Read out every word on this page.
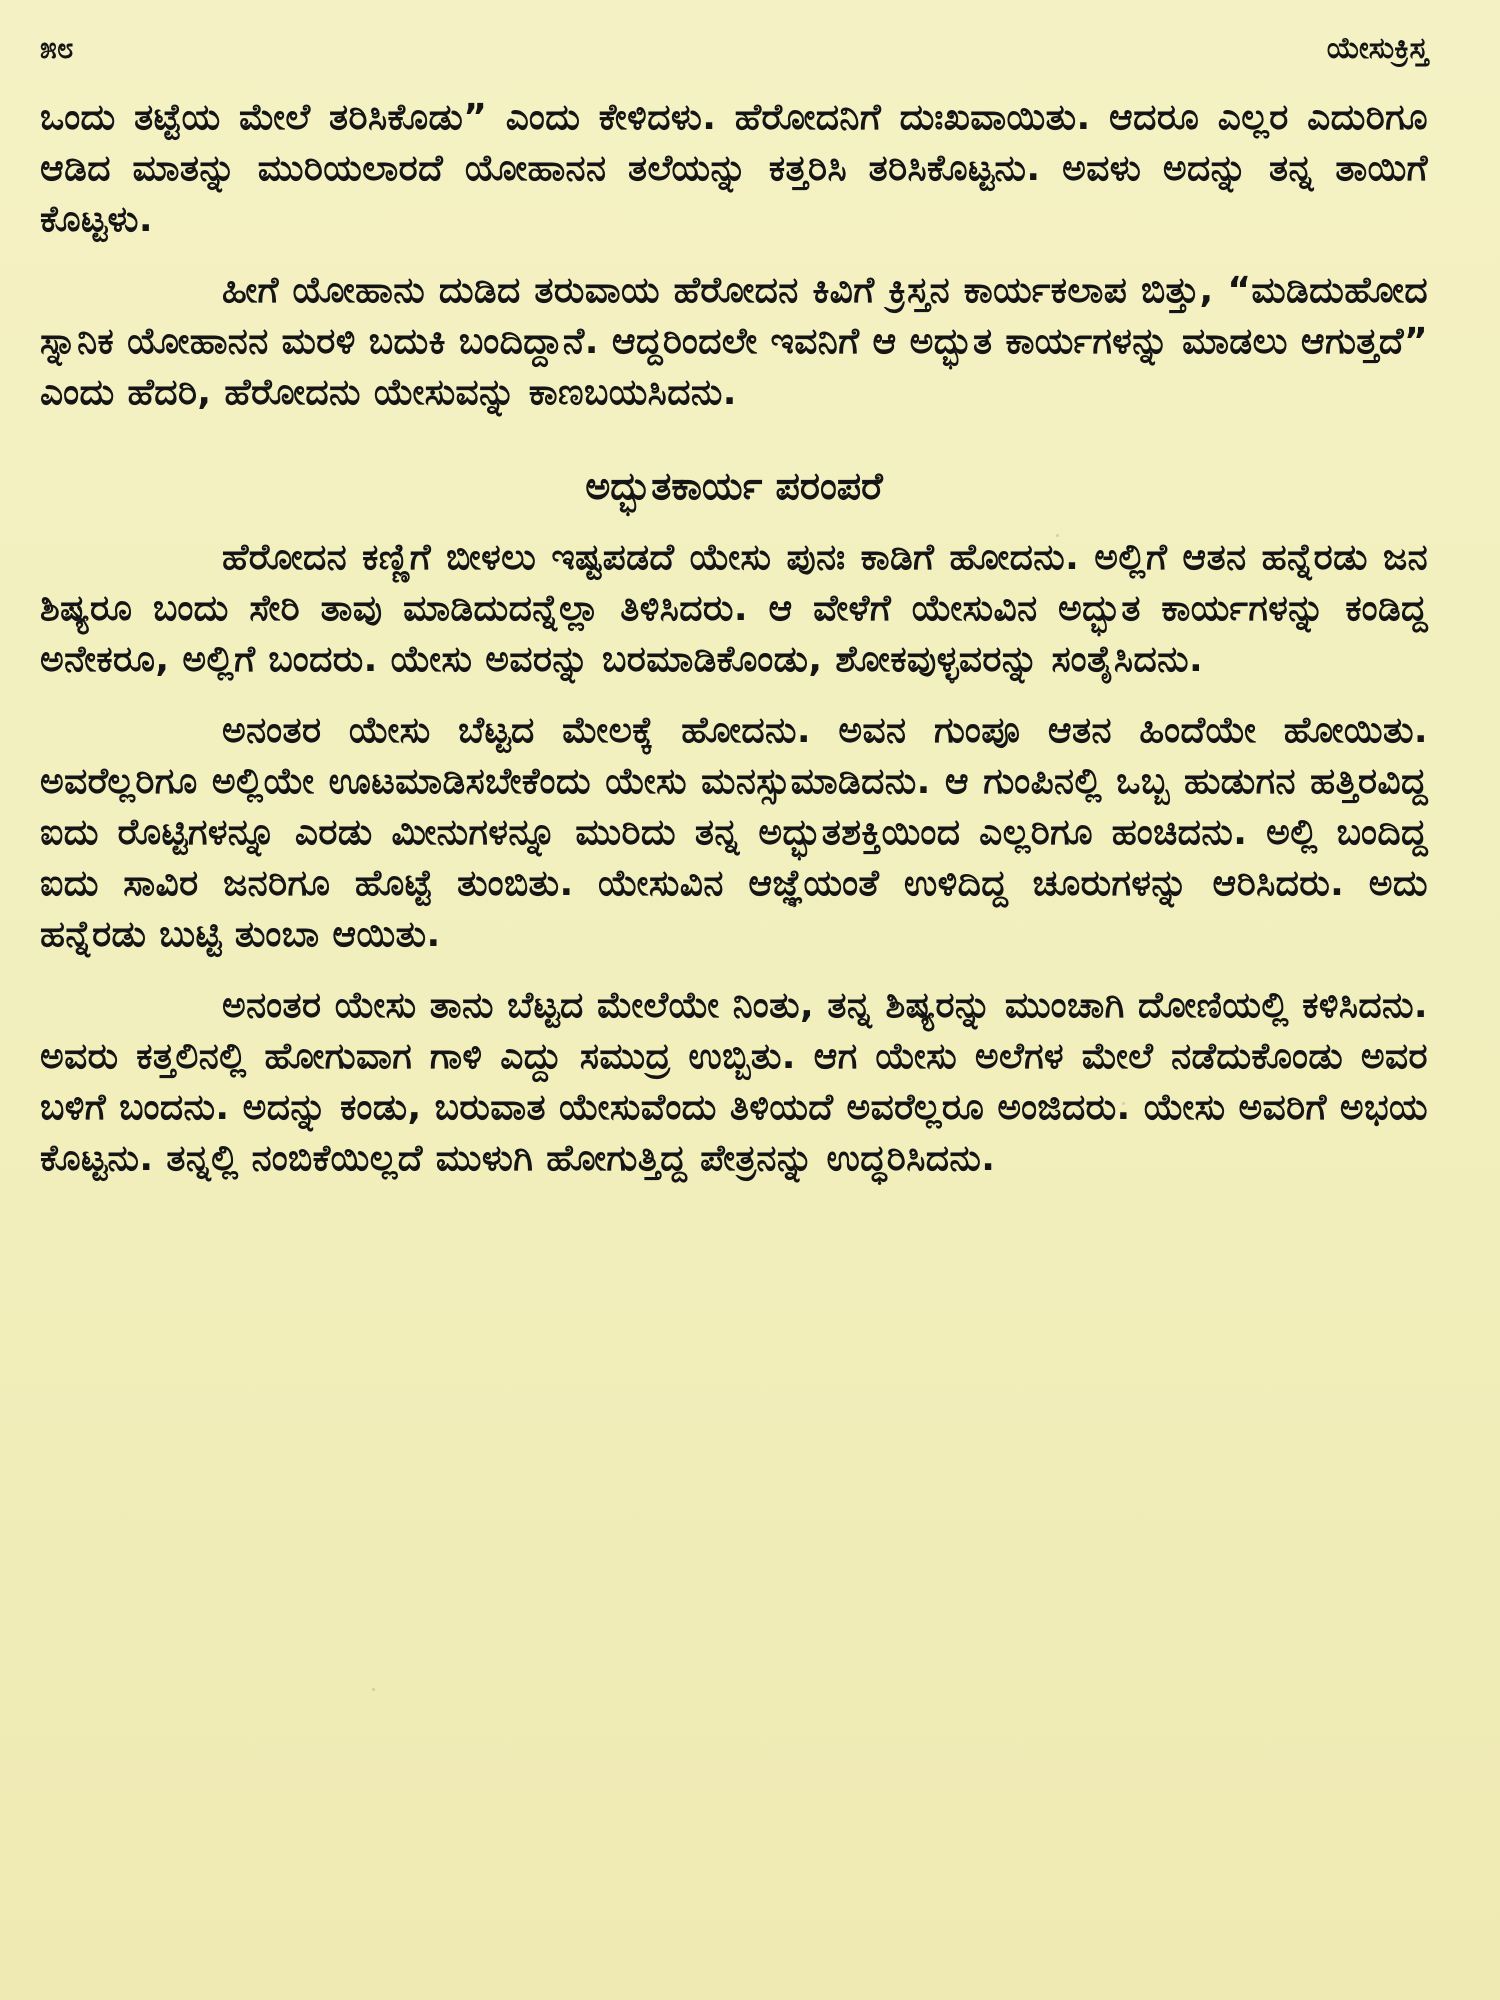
೫೮	ಯೇಸುಕ್ರಿಸ್ತ

ಒಂದು ತಟ್ಟೆಯ ಮೇಲೆ ತರಿಸಿಕೊಡು” ಎಂದು ಕೇಳಿದಳು. ಹೆರೋದನಿಗೆ ದುಃಖವಾಯಿತು. ಆದರೂ ಎಲ್ಲರ ಎದುರಿಗೂ ಆಡಿದ ಮಾತನ್ನು ಮುರಿಯಲಾರದೆ ಯೋಹಾನನ ತಲೆಯನ್ನು ಕತ್ತರಿಸಿ ತರಿಸಿಕೊಟ್ಟನು. ಅವಳು ಅದನ್ನು ತನ್ನ ತಾಯಿಗೆ ಕೊಟ್ಟಳು.

ಹೀಗೆ ಯೋಹಾನು ದುಡಿದ ತರುವಾಯ ಹೆರೋದನ ಕಿವಿಗೆ ಕ್ರಿಸ್ತನ ಕಾರ್ಯಕಲಾಪ ಬಿತ್ತು, “ಮಡಿದುಹೋದ ಸ್ನಾನಿಕ ಯೋಹಾನನ ಮರಳಿ ಬದುಕಿ ಬಂದಿದ್ದಾನೆ. ಆದ್ದರಿಂದಲೇ ಇವನಿಗೆ ಆ ಅದ್ಭುತ ಕಾರ್ಯಗಳನ್ನು ಮಾಡಲು ಆಗುತ್ತದೆ” ಎಂದು ಹೆದರಿ, ಹೆರೋದನು ಯೇಸುವನ್ನು ಕಾಣಬಯಸಿದನು.

ಅದ್ಭುತಕಾರ್ಯ ಪರಂಪರೆ

ಹೆರೋದನ ಕಣ್ಣಿಗೆ ಬೀಳಲು ಇಷ್ಟಪಡದೆ ಯೇಸು ಪುನಃ ಕಾಡಿಗೆ ಹೋದನು. ಅಲ್ಲಿಗೆ ಆತನ ಹನ್ನೆರಡು ಜನ ಶಿಷ್ಯರೂ ಬಂದು ಸೇರಿ ತಾವು ಮಾಡಿದುದನ್ನೆಲ್ಲಾ ತಿಳಿಸಿದರು. ಆ ವೇಳೆಗೆ ಯೇಸುವಿನ ಅದ್ಭುತ ಕಾರ್ಯಗಳನ್ನು ಕಂಡಿದ್ದ ಅನೇಕರೂ, ಅಲ್ಲಿಗೆ ಬಂದರು. ಯೇಸು ಅವರನ್ನು ಬರಮಾಡಿಕೊಂಡು, ಶೋಕವುಳ್ಳವರನ್ನು ಸಂತೈಸಿದನು.

ಅನಂತರ ಯೇಸು ಬೆಟ್ಟದ ಮೇಲಕ್ಕೆ ಹೋದನು. ಅವನ ಗುಂಪೂ ಆತನ ಹಿಂದೆಯೇ ಹೋಯಿತು. ಅವರೆಲ್ಲರಿಗೂ ಅಲ್ಲಿಯೇ ಊಟಮಾಡಿಸಬೇಕೆಂದು ಯೇಸು ಮನಸ್ಸುಮಾಡಿದನು. ಆ ಗುಂಪಿನಲ್ಲಿ ಒಬ್ಬ ಹುಡುಗನ ಹತ್ತಿರವಿದ್ದ ಐದು ರೊಟ್ಟಿಗಳನ್ನೂ ಎರಡು ಮೀನುಗಳನ್ನೂ ಮುರಿದು ತನ್ನ ಅದ್ಭುತಶಕ್ತಿಯಿಂದ ಎಲ್ಲರಿಗೂ ಹಂಚಿದನು. ಅಲ್ಲಿ ಬಂದಿದ್ದ ಐದು ಸಾವಿರ ಜನರಿಗೂ ಹೊಟ್ಟೆ ತುಂಬಿತು. ಯೇಸುವಿನ ಆಜ್ಞೆಯಂತೆ ಉಳಿದಿದ್ದ ಚೂರುಗಳನ್ನು ಆರಿಸಿದರು. ಅದು ಹನ್ನೆರಡು ಬುಟ್ಟಿ ತುಂಬಾ ಆಯಿತು.

ಅನಂತರ ಯೇಸು ತಾನು ಬೆಟ್ಟದ ಮೇಲೆಯೇ ನಿಂತು, ತನ್ನ ಶಿಷ್ಯರನ್ನು ಮುಂಚಾಗಿ ದೋಣಿಯಲ್ಲಿ ಕಳಿಸಿದನು. ಅವರು ಕತ್ತಲಿನಲ್ಲಿ ಹೋಗುವಾಗ ಗಾಳಿ ಎದ್ದು ಸಮುದ್ರ ಉಬ್ಬಿತು. ಆಗ ಯೇಸು ಅಲೆಗಳ ಮೇಲೆ ನಡೆದುಕೊಂಡು ಅವರ ಬಳಿಗೆ ಬಂದನು. ಅದನ್ನು ಕಂಡು, ಬರುವಾತ ಯೇಸುವೆಂದು ತಿಳಿಯದೆ ಅವರೆಲ್ಲರೂ ಅಂಜಿದರು. ಯೇಸು ಅವರಿಗೆ ಅಭಯ ಕೊಟ್ಟನು. ತನ್ನಲ್ಲಿ ನಂಬಿಕೆಯಿಲ್ಲದೆ ಮುಳುಗಿ ಹೋಗುತ್ತಿದ್ದ ಪೇತ್ರನನ್ನು ಉದ್ಧರಿಸಿದನು.
